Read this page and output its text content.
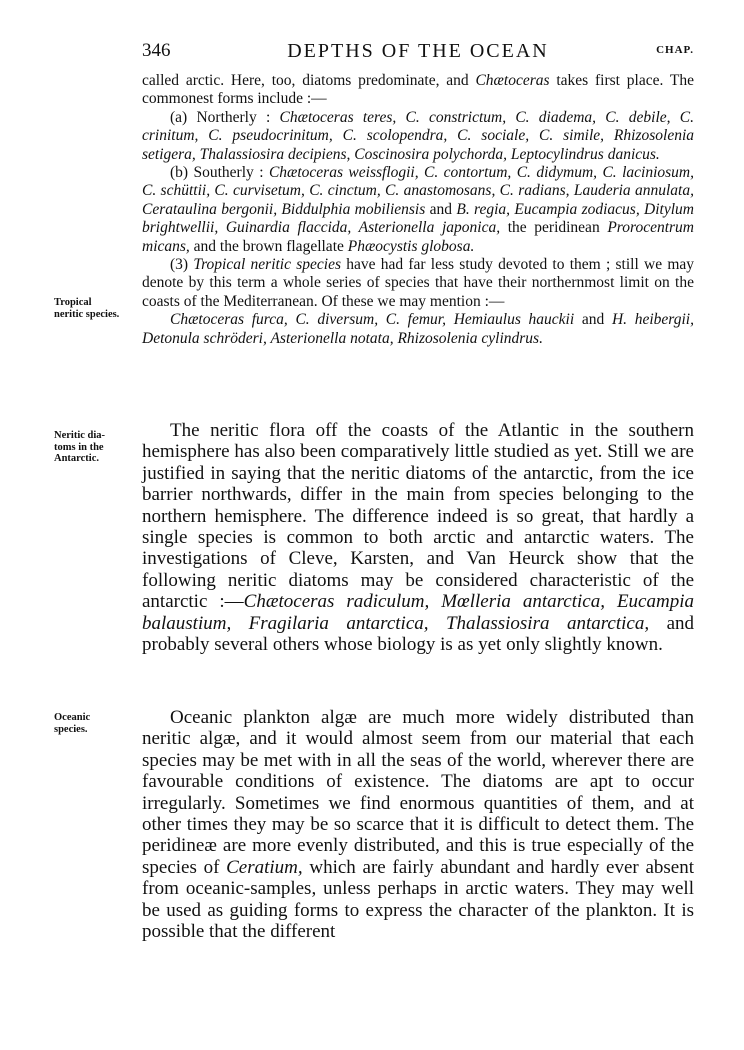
346	DEPTHS OF THE OCEAN	CHAP.

called arctic. Here, too, diatoms predominate, and Chætoceras takes first place. The commonest forms include :—

(a) Northerly : Chætoceras teres, C. constrictum, C. diadema, C. debile, C. crinitum, C. pseudocrinitum, C. scolopendra, C. sociale, C. simile, Rhizosolenia setigera, Thalassiosira decipiens, Coscinosira polychorda, Leptocylindrus danicus.

(b) Southerly : Chætoceras weissflogii, C. contortum, C. didymum, C. laciniosum, C. schüttii, C. curvisetum, C. cinctum, C. anastomosans, C. radians, Lauderia annulata, Cerataulina bergonii, Biddulphia mobiliensis and B. regia, Eucampia zodiacus, Ditylum brightwellii, Guinardia flaccida, Asterionella japonica, the peridinean Prorocentrum micans, and the brown flagellate Phæocystis globosa.

(3) Tropical neritic species have had far less study devoted to them ; still we may denote by this term a whole series of species that have their northernmost limit on the coasts of the Mediterranean. Of these we may mention :—

Chætoceras furca, C. diversum, C. femur, Hemiaulus hauckii and H. heibergii, Detonula schröderi, Asterionella notata, Rhizosolenia cylindrus.

Tropical
neritic species.

The neritic flora off the coasts of the Atlantic in the southern hemisphere has also been comparatively little studied as yet. Still we are justified in saying that the neritic diatoms of the antarctic, from the ice barrier northwards, differ in the main from species belonging to the northern hemisphere. The difference indeed is so great, that hardly a single species is common to both arctic and antarctic waters. The investigations of Cleve, Karsten, and Van Heurck show that the following neritic diatoms may be considered characteristic of the antarctic :—Chætoceras radiculum, Mœlleria antarctica, Eucampia balaustium, Fragilaria antarctica, Thalassiosira antarctica, and probably several others whose biology is as yet only slightly known.

Neritic dia-
toms in the
Antarctic.

Oceanic plankton algæ are much more widely distributed than neritic algæ, and it would almost seem from our material that each species may be met with in all the seas of the world, wherever there are favourable conditions of existence. The diatoms are apt to occur irregularly. Sometimes we find enormous quantities of them, and at other times they may be so scarce that it is difficult to detect them. The peridineæ are more evenly distributed, and this is true especially of the species of Ceratium, which are fairly abundant and hardly ever absent from oceanic-samples, unless perhaps in arctic waters. They may well be used as guiding forms to express the character of the plankton. It is possible that the different

Oceanic
species.
